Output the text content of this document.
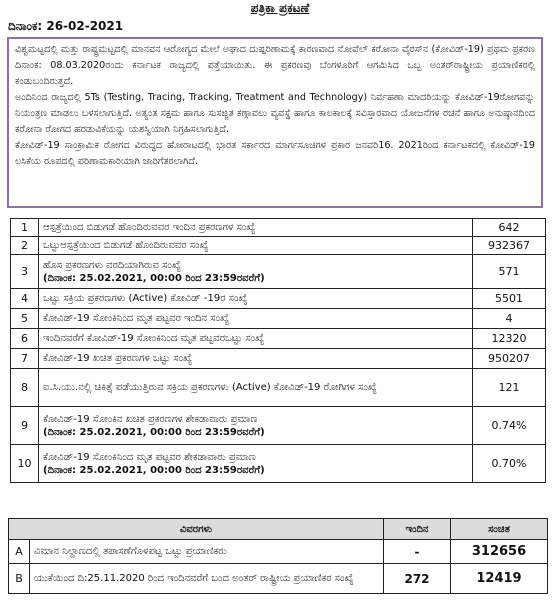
ಪತ್ರಿಕಾ ಪ್ರಕಟಣೆ
ದಿನಾಂಕ: 26-02-2021

ವಿಶ್ವಮಟ್ಟದಲ್ಲಿ ಮತ್ತು ರಾಷ್ಟ್ರಮಟ್ಟದಲ್ಲಿ ಮಾನವನ ಆರೋಗ್ಯದ ಮೇಲೆ ಅಘಾದ ದುಷ್ಪರಿಣಾಮಕ್ಕೆ ಕಾರಣವಾದ ನೋವೆಲ್ ಕರೋನಾ ವೈರಸ್‌ನ (ಕೋವಿಡ್-19) ಪ್ರಥಮ ಪ್ರಕರಣ ದಿನಾಂಕ: 08.03.2020ರಂದು ಕರ್ನಾಟಕ ರಾಜ್ಯದಲ್ಲಿ ಪತ್ತೆಯಾಯಿತು. ಈ ಪ್ರಕರಣವು ಬೆಂಗಳೂರಿಗೆ ಆಗಮಿಸಿದ ಒಬ್ಬ ಅಂತರ್‌ರಾಷ್ಟ್ರೀಯ ಪ್ರಯಾಣಿಕರಲ್ಲಿ ಕಂಡುಬಂದಿರುತ್ತದೆ.

ಅಂದಿನಿಂದ ರಾಜ್ಯದಲ್ಲಿ 5Ts (Testing, Tracing, Tracking, Treatment and Technology) ನಿರ್ವಹಣಾ ಮಾದರಿಯನ್ನು ಕೋವಿಡ್-19ರೋಗವನ್ನು ನಿಯಂತ್ರಣ ಮಾಡಲು ಬಳಸಲಾಗುತ್ತಿದೆ. ಅತ್ಯಂತ ಸಕ್ಷಮ ಹಾಗೂ ಸುಸಜ್ಜಿತ ಕಣ್ಗಾವಲು ವ್ಯವಸ್ಥೆ ಹಾಗೂ ಕಾಲಕಾಲಕ್ಕೆ ಸವಿಸ್ತಾರವಾದ ಯೋಜನೆಗಳ ರಚನೆ ಹಾಗೂ ಅನುಷ್ಠಾನದಿಂದ ಕರೋನಾ ರೋಗದ ಹರಡುವಿಕೆಯನ್ನು ಯಶಸ್ವಿಯಾಗಿ ನಿಗ್ರಹಿಸಲಾಗುತ್ತಿದೆ.

ಕೋವಿಡ್-19 ಸಾಂಕ್ರಾಮಿಕ ರೋಗದ ವಿರುದ್ಧದ ಹೋರಾಟದಲ್ಲಿ ಭಾರತ ಸರ್ಕಾರದ ಮಾರ್ಗಸೂಚಿಗಳ ಪ್ರಕಾರ ಜನವರಿ16. 2021ರಿಂದ ಕರ್ನಾಟಕದಲ್ಲಿ ಕೋವಿಡ್-19 ಲಸಿಕೆಯ ರೂಪದಲ್ಲಿ ಪರಿಣಾಮಕಾರಿಯಾಗಿ ಜಾರಿಗೆತರಲಾಗಿದೆ.

1	ಆಸ್ಪತ್ರೆಯಿಂದ ಬಿಡುಗಡೆ ಹೊಂದಿರುವವರ ಇಂದಿನ ಪ್ರಕರಣಗಳ ಸಂಖ್ಯೆ	642
2	ಒಟ್ಟುಆಸ್ಪತ್ರೆಯಿಂದ ಬಿಡುಗಡೆ ಹೊಂದಿರುವವರ ಸಂಖ್ಯೆ	932367
3	ಹೊಸ ಪ್ರಕರಣಗಳು ವರದಿಯಾಗಿರುವ ಸಂಖ್ಯೆ
(ದಿನಾಂಕ: 25.02.2021, 00:00 ರಿಂದ 23:59ರವರೆಗೆ)	571
4	ಒಟ್ಟು ಸಕ್ರಿಯ ಪ್ರಕರಣಗಳು (Active) ಕೋವಿಡ್ -19ರ ಸಂಖ್ಯೆ	5501
5	ಕೋವಿಡ್-19 ಸೋಂಕಿನಿಂದ ಮೃತ ಪಟ್ಟವರ ಇಂದಿನ ಸಂಖ್ಯೆ	4
6	ಇಂದಿನವರೆಗೆ ಕೋವಿಡ್-19 ಸೋಂಕಿನಿಂದ ಮೃತ ಪಟ್ಟವರಒಟ್ಟು ಸಂಖ್ಯೆ	12320
7	ಕೋವಿಡ್-19 ಖಚಿತ ಪ್ರಕರಣಗಳ ಒಟ್ಟು ಸಂಖ್ಯೆ	950207
8	ಐ.ಸಿ.ಯು.ನಲ್ಲಿ ಚಿಕಿತ್ಸೆ ಪಡೆಯುತ್ತಿರುವ ಸಕ್ರಿಯ ಪ್ರಕರಣಗಳು (Active) ಕೋವಿಡ್-19 ರೋಗಿಗಳ ಸಂಖ್ಯೆ	121
9	ಕೋವಿಡ್-19 ಸೋಂಕಿನ ಖಚಿತ ಪ್ರಕರಣಗಳ ಶೇಕಡಾವಾರು ಪ್ರಮಾಣ
(ದಿನಾಂಕ: 25.02.2021, 00:00 ರಿಂದ 23:59ರವರೆಗೆ)	0.74%
10	ಕೋವಿಡ್-19 ಸೋಂಕಿನಿಂದ ಮೃತ ಪಟ್ಟವರ ಶೇಕಡಾವಾರು ಪ್ರಮಾಣ
(ದಿನಾಂಕ: 25.02.2021, 00:00 ರಿಂದ 23:59ರವರೆಗೆ)	0.70%
ವಿವರಗಳು		ಇಂದಿನ	ಸಂಚಿತ
A	ವಿಮಾನ ನಿಲ್ದಾಣದಲ್ಲಿ ತಪಾಸಣೆಗೊಳಪಟ್ಟ ಒಟ್ಟು ಪ್ರಯಾಣಿಕರು	-	312656
B	ಯುಕೆಯಿಂದ ದಿ:25.11.2020 ರಿಂದ ಇಂದಿನವರೆಗೆ ಬಂದ ಅಂತರ್ ರಾಷ್ಟ್ರೀಯ ಪ್ರಯಾಣಿಕರ ಸಂಖ್ಯೆ	272	12419
